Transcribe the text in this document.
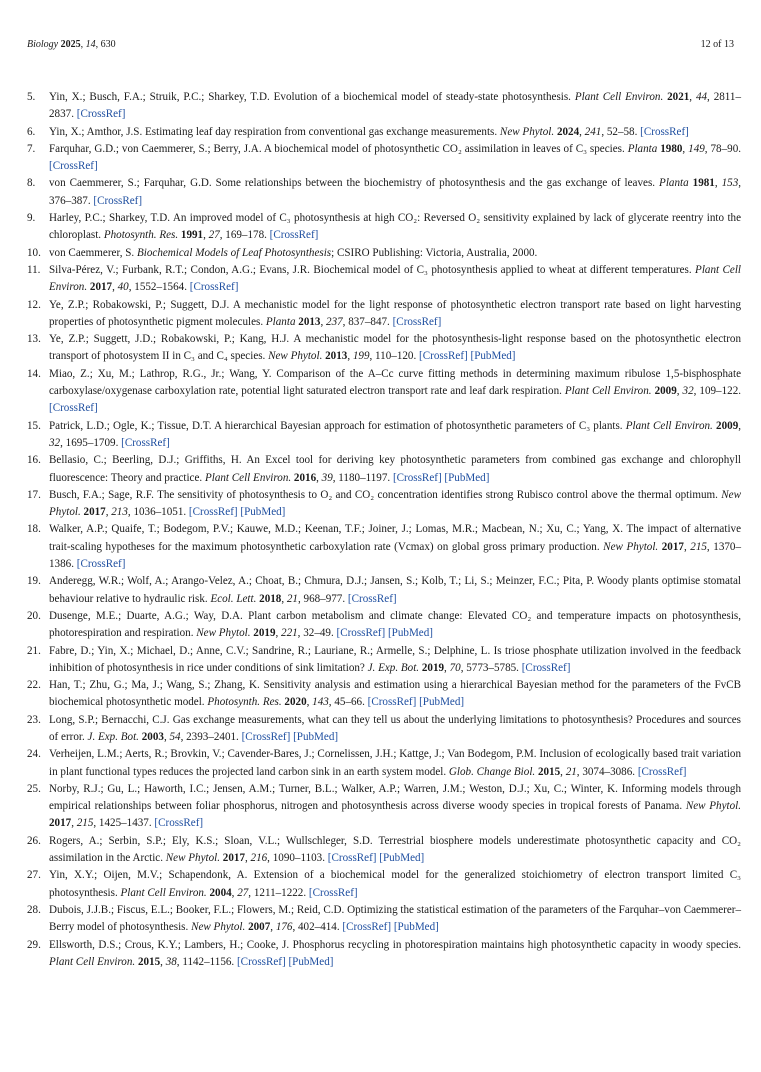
Biology 2025, 14, 630	12 of 13
5.	Yin, X.; Busch, F.A.; Struik, P.C.; Sharkey, T.D. Evolution of a biochemical model of steady-state photosynthesis. Plant Cell Environ. 2021, 44, 2811–2837. [CrossRef]
6.	Yin, X.; Amthor, J.S. Estimating leaf day respiration from conventional gas exchange measurements. New Phytol. 2024, 241, 52–58. [CrossRef]
7.	Farquhar, G.D.; von Caemmerer, S.; Berry, J.A. A biochemical model of photosynthetic CO₂ assimilation in leaves of C₃ species. Planta 1980, 149, 78–90. [CrossRef]
8.	von Caemmerer, S.; Farquhar, G.D. Some relationships between the biochemistry of photosynthesis and the gas exchange of leaves. Planta 1981, 153, 376–387. [CrossRef]
9.	Harley, P.C.; Sharkey, T.D. An improved model of C₃ photosynthesis at high CO₂: Reversed O₂ sensitivity explained by lack of glycerate reentry into the chloroplast. Photosynth. Res. 1991, 27, 169–178. [CrossRef]
10. von Caemmerer, S. Biochemical Models of Leaf Photosynthesis; CSIRO Publishing: Victoria, Australia, 2000.
11. Silva-Pérez, V.; Furbank, R.T.; Condon, A.G.; Evans, J.R. Biochemical model of C₃ photosynthesis applied to wheat at different temperatures. Plant Cell Environ. 2017, 40, 1552–1564. [CrossRef]
12. Ye, Z.P.; Robakowski, P.; Suggett, D.J. A mechanistic model for the light response of photosynthetic electron transport rate based on light harvesting properties of photosynthetic pigment molecules. Planta 2013, 237, 837–847. [CrossRef]
13. Ye, Z.P.; Suggett, J.D.; Robakowski, P.; Kang, H.J. A mechanistic model for the photosynthesis-light response based on the photosynthetic electron transport of photosystem II in C₃ and C₄ species. New Phytol. 2013, 199, 110–120. [CrossRef] [PubMed]
14. Miao, Z.; Xu, M.; Lathrop, R.G., Jr.; Wang, Y. Comparison of the A–Cc curve fitting methods in determining maximum ribulose 1,5-bisphosphate carboxylase/oxygenase carboxylation rate, potential light saturated electron transport rate and leaf dark respiration. Plant Cell Environ. 2009, 32, 109–122. [CrossRef]
15. Patrick, L.D.; Ogle, K.; Tissue, D.T. A hierarchical Bayesian approach for estimation of photosynthetic parameters of C₃ plants. Plant Cell Environ. 2009, 32, 1695–1709. [CrossRef]
16. Bellasio, C.; Beerling, D.J.; Griffiths, H. An Excel tool for deriving key photosynthetic parameters from combined gas exchange and chlorophyll fluorescence: Theory and practice. Plant Cell Environ. 2016, 39, 1180–1197. [CrossRef] [PubMed]
17. Busch, F.A.; Sage, R.F. The sensitivity of photosynthesis to O₂ and CO₂ concentration identifies strong Rubisco control above the thermal optimum. New Phytol. 2017, 213, 1036–1051. [CrossRef] [PubMed]
18. Walker, A.P.; Quaife, T.; Bodegom, P.V.; Kauwe, M.D.; Keenan, T.F.; Joiner, J.; Lomas, M.R.; Macbean, N.; Xu, C.; Yang, X. The impact of alternative trait-scaling hypotheses for the maximum photosynthetic carboxylation rate (Vcmax) on global gross primary production. New Phytol. 2017, 215, 1370–1386. [CrossRef]
19. Anderegg, W.R.; Wolf, A.; Arango-Velez, A.; Choat, B.; Chmura, D.J.; Jansen, S.; Kolb, T.; Li, S.; Meinzer, F.C.; Pita, P. Woody plants optimise stomatal behaviour relative to hydraulic risk. Ecol. Lett. 2018, 21, 968–977. [CrossRef]
20. Dusenge, M.E.; Duarte, A.G.; Way, D.A. Plant carbon metabolism and climate change: Elevated CO₂ and temperature impacts on photosynthesis, photorespiration and respiration. New Phytol. 2019, 221, 32–49. [CrossRef] [PubMed]
21. Fabre, D.; Yin, X.; Michael, D.; Anne, C.V.; Sandrine, R.; Lauriane, R.; Armelle, S.; Delphine, L. Is triose phosphate utilization involved in the feedback inhibition of photosynthesis in rice under conditions of sink limitation? J. Exp. Bot. 2019, 70, 5773–5785. [CrossRef]
22. Han, T.; Zhu, G.; Ma, J.; Wang, S.; Zhang, K. Sensitivity analysis and estimation using a hierarchical Bayesian method for the parameters of the FvCB biochemical photosynthetic model. Photosynth. Res. 2020, 143, 45–66. [CrossRef] [PubMed]
23. Long, S.P.; Bernacchi, C.J. Gas exchange measurements, what can they tell us about the underlying limitations to photosynthesis? Procedures and sources of error. J. Exp. Bot. 2003, 54, 2393–2401. [CrossRef] [PubMed]
24. Verheijen, L.M.; Aerts, R.; Brovkin, V.; Cavender-Bares, J.; Cornelissen, J.H.; Kattge, J.; Van Bodegom, P.M. Inclusion of ecologically based trait variation in plant functional types reduces the projected land carbon sink in an earth system model. Glob. Change Biol. 2015, 21, 3074–3086. [CrossRef]
25. Norby, R.J.; Gu, L.; Haworth, I.C.; Jensen, A.M.; Turner, B.L.; Walker, A.P.; Warren, J.M.; Weston, D.J.; Xu, C.; Winter, K. Informing models through empirical relationships between foliar phosphorus, nitrogen and photosynthesis across diverse woody species in tropical forests of Panama. New Phytol. 2017, 215, 1425–1437. [CrossRef]
26. Rogers, A.; Serbin, S.P.; Ely, K.S.; Sloan, V.L.; Wullschleger, S.D. Terrestrial biosphere models underestimate photosynthetic capacity and CO₂ assimilation in the Arctic. New Phytol. 2017, 216, 1090–1103. [CrossRef] [PubMed]
27. Yin, X.Y.; Oijen, M.V.; Schapendonk, A. Extension of a biochemical model for the generalized stoichiometry of electron transport limited C₃ photosynthesis. Plant Cell Environ. 2004, 27, 1211–1222. [CrossRef]
28. Dubois, J.J.B.; Fiscus, E.L.; Booker, F.L.; Flowers, M.; Reid, C.D. Optimizing the statistical estimation of the parameters of the Farquhar–von Caemmerer–Berry model of photosynthesis. New Phytol. 2007, 176, 402–414. [CrossRef] [PubMed]
29. Ellsworth, D.S.; Crous, K.Y.; Lambers, H.; Cooke, J. Phosphorus recycling in photorespiration maintains high photosynthetic capacity in woody species. Plant Cell Environ. 2015, 38, 1142–1156. [CrossRef] [PubMed]
